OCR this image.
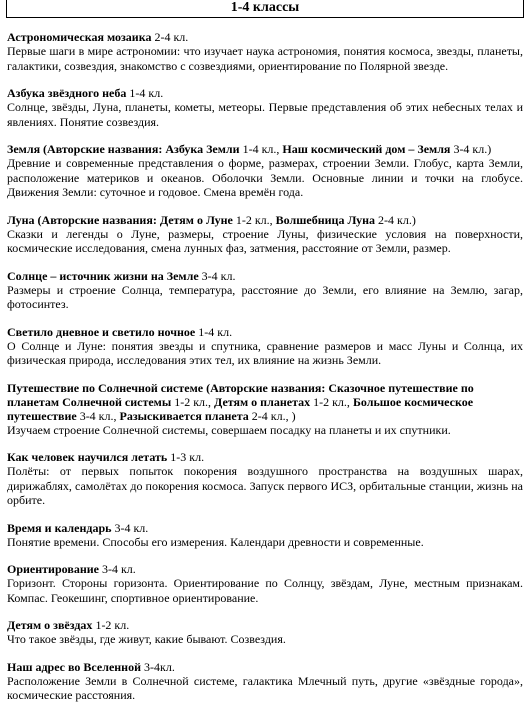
1-4 классы
Астрономическая мозаика 2-4 кл.
Первые шаги в мире астрономии: что изучает наука астрономия, понятия космоса, звезды, планеты, галактики, созвездия, знакомство с созвездиями, ориентирование по Полярной звезде.
Азбука звёздного неба 1-4 кл.
Солнце, звёзды, Луна, планеты, кометы, метеоры. Первые представления об этих небесных телах и явлениях. Понятие созвездия.
Земля (Авторские названия: Азбука Земли 1-4 кл., Наш космический дом – Земля 3-4 кл.)
Древние и современные представления о форме, размерах, строении Земли. Глобус, карта Земли, расположение материков и океанов. Оболочки Земли. Основные линии и точки на глобусе. Движения Земли: суточное и годовое. Смена времён года.
Луна (Авторские названия: Детям о Луне 1-2 кл., Волшебница Луна 2-4 кл.)
Сказки и легенды о Луне, размеры, строение Луны, физические условия на поверхности, космические исследования, смена лунных фаз, затмения, расстояние от Земли, размер.
Солнце – источник жизни на Земле 3-4 кл.
Размеры и строение Солнца, температура, расстояние до Земли, его влияние на Землю, загар, фотосинтез.
Светило дневное и светило ночное 1-4 кл.
О Солнце и Луне: понятия звезды и спутника, сравнение размеров и масс Луны и Солнца, их физическая природа, исследования этих тел, их влияние на жизнь Земли.
Путешествие по Солнечной системе (Авторские названия: Сказочное путешествие по планетам Солнечной системы 1-2 кл., Детям о планетах 1-2 кл., Большое космическое путешествие 3-4 кл., Разыскивается планета 2-4 кл., )
Изучаем строение Солнечной системы, совершаем посадку на планеты и их спутники.
Как человек научился летать 1-3 кл.
Полёты: от первых попыток покорения воздушного пространства на воздушных шарах, дирижаблях, самолётах до покорения космоса. Запуск первого ИСЗ, орбитальные станции, жизнь на орбите.
Время и календарь 3-4 кл.
Понятие времени. Способы его измерения. Календари древности и современные.
Ориентирование 3-4 кл.
Горизонт. Стороны горизонта. Ориентирование по Солнцу, звёздам, Луне, местным признакам. Компас. Геокешинг, спортивное ориентирование.
Детям о звёздах 1-2 кл.
Что такое звёзды, где живут, какие бывают. Созвездия.
Наш адрес во Вселенной 3-4кл.
Расположение Земли в Солнечной системе, галактика Млечный путь, другие «звёздные города», космические расстояния.
